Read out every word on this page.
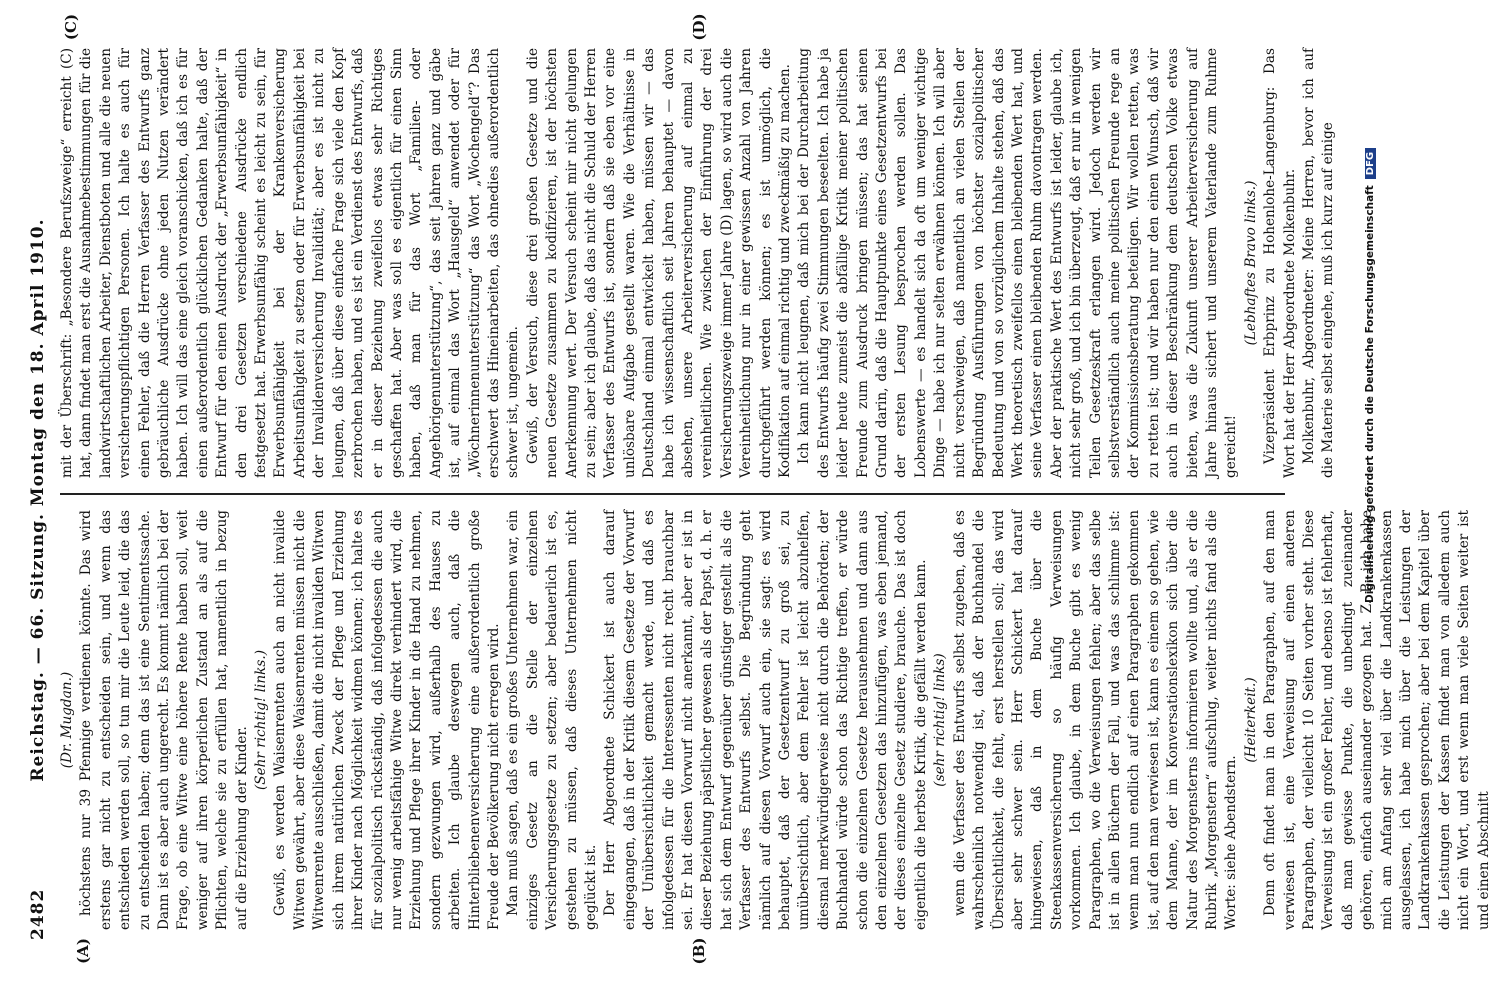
2482
Reichstag. — 66. Sitzung. Montag den 18. April 1910.
(A)	(B)
(C)	(D)

(Dr. Mugdan.) höchstens nur 39 Pfennige verdienen könnte. Das wird erstens gar nicht zu entscheiden sein, und wenn das entschieden werden soll, so tun mir die Leute leid, die das zu entscheiden haben; denn das ist eine Sentimentssache. Dann ist es aber auch ungerecht. Es kommt nämlich bei der Frage, ob eine Witwe eine höhere Rente haben soll, weit weniger auf ihren körperlichen Zustand an als auf die Pflichten, welche sie zu erfüllen hat, namentlich in bezug auf die Erziehung der Kinder.

(Sehr richtig! links.) Gewiß, es werden Waisenrenten auch an nicht invalide Witwen gewährt, aber diese Waisenrenten müssen nicht die Witwenrente ausschließen, damit die nicht invaliden Witwen sich ihrem natürlichen Zweck der Pflege und Erziehung ihrer Kinder nach Möglichkeit widmen können; ich halte es für sozialpolitisch rückständig, daß infolgedessen die auch nur wenig arbeitsfähige Witwe direkt verhindert wird, die Erziehung und Pflege ihrer Kinder in die Hand zu nehmen, sondern gezwungen wird, außerhalb des Hauses zu arbeiten. Ich glaube deswegen auch, daß die Hinterbliebenenversicherung eine außerordentlich große Freude der Bevölkerung nicht erregen wird. Man muß sagen, daß es ein großes Unternehmen war, ein einziges Gesetz an die Stelle der einzelnen Versicherungsgesetze zu setzen; aber bedauerlich ist es, gestehen zu müssen, daß dieses Unternehmen nicht geglückt ist. Der Herr Abgeordnete Schickert ist auch darauf eingegangen, daß in der Kritik diesem Gesetze der Vorwurf der Unübersichtlichkeit gemacht werde, und daß es infolgedessen für die Interessenten nicht recht brauchbar sei. Er hat diesen Vorwurf nicht anerkannt, aber er ist in dieser Beziehung päpstlicher gewesen als der Papst, d. h. er hat sich dem Entwurf gegenüber günstiger gestellt als die Verfasser des Entwurfs selbst. Die Begründung geht nämlich auf diesen Vorwurf auch ein, sie sagt: es wird behauptet, daß der Gesetzentwurf zu groß sei, zu umübersichtlich, aber dem Fehler ist leicht abzuhelfen, diesmal merkwürdigerweise nicht durch die Behörden; der Buchhandel würde schon das Richtige treffen, er würde schon die einzelnen Gesetze herausnehmen und dann aus den einzelnen Gesetzen das hinzufügen, was eben jemand, der dieses einzelne Gesetz studiere, brauche. Das ist doch eigentlich die herbste Kritik, die gefällt werden kann. (sehr richtig! links) wenn die Verfasser des Entwurfs selbst zugeben, daß es wahrscheinlich notwendig ist, daß der Buchhandel die Übersichtlichkeit, die fehlt, erst herstellen soll; das wird aber sehr schwer sein. Herr Schickert hat darauf hingewiesen, daß in dem Buche über die Steenkassenversicherung so häufig Verweisungen vorkommen. Ich glaube, in dem Buche gibt es wenig Paragraphen, wo die Verweisungen fehlen; aber das selbe ist in allen Büchern der Fall, und was das schlimme ist: wenn man nun endlich auf einen Paragraphen gekommen ist, auf den man verwiesen ist, kann es einem so gehen, wie dem Manne, der im Konversationslexikon sich über die Natur des Morgensterns informieren wollte und, als er die Rubrik „Morgenstern“ aufschlug, weiter nichts fand als die Worte: siehe Abendstern.

(Heiterkeit.) Denn oft findet man in den Paragraphen, auf den man verwiesen ist, eine Verweisung auf einen anderen Paragraphen, der vielleicht 10 Seiten vorher steht. Diese Verweisung ist ein großer Fehler, und ebenso ist fehlerhaft, daß man gewisse Punkte, die unbedingt zueinander gehören, einfach auseinander gezogen hat. Z. B. ich habe mich am Anfang sehr viel über die Landkrankenkassen ausgelassen, ich habe mich über die Leistungen der Landkrankenkassen gesprochen; aber bei dem Kapitel über die Leistungen der Kassen findet man von alledem auch nicht ein Wort, und erst wenn man viele Seiten weiter ist und einen Abschnitt

mit der Überschrift: „Besondere Berufszweige“ erreicht (C) hat, dann findet man erst die Ausnahmebestimmungen für die landwirtschaftlichen Arbeiter, Dienstboten und alle die neuen versicherungspflichtigen Personen. Ich halte es auch für einen Fehler, daß die Herren Verfasser des Entwurfs ganz gebräuchliche Ausdrücke ohne jeden Nutzen verändert haben. Ich will das eine gleich voranschicken, daß ich es für einen außerordentlich glücklichen Gedanken halte, daß der Entwurf für den einen Ausdruck der „Erwerbsunfähigkeit“ in den drei Gesetzen verschiedene Ausdrücke endlich festgesetzt hat. Erwerbsunfähig scheint es leicht zu sein, für Erwerbsunfähigkeit bei der Krankenversicherung Arbeitsunfähigkeit zu setzen oder für Erwerbsunfähigkeit bei der Invalidenversicherung Invalidität; aber es ist nicht zu leugnen, daß über diese einfache Frage sich viele den Kopf zerbrochen haben, und es ist ein Verdienst des Entwurfs, daß er in dieser Beziehung zweifellos etwas sehr Richtiges geschaffen hat. Aber was soll es eigentlich für einen Sinn haben, daß man für das Wort „Familien- oder Angehörigenunterstützung“, das seit Jahren ganz und gäbe ist, auf einmal das Wort „Hausgeld“ anwendet oder für „Wöchnerinnenunterstützung“ das Wort „Wochengeld“? Das erschwert das Hineinarbeiten, das ohnedies außerordentlich schwer ist, ungemein. Gewiß, der Versuch, diese drei großen Gesetze und die neuen Gesetze zusammen zu kodifizieren, ist der höchsten Anerkennung wert. Der Versuch scheint mir nicht gelungen zu sein; aber ich glaube, daß das nicht die Schuld der Herren Verfasser des Entwurfs ist, sondern daß sie eben vor eine unlösbare Aufgabe gestellt waren. Wie die Verhältnisse in Deutschland einmal entwickelt haben, müssen wir — das habe ich wissenschaftlich seit Jahren behauptet — davon absehen, unsere Arbeiterversicherung auf einmal zu vereinheitlichen. Wie zwischen der Einführung der drei Versicherungszweige immer Jahre (D) lagen, so wird auch die Vereinheitlichung nur in einer gewissen Anzahl von Jahren durchgeführt werden können; es ist unmöglich, die Kodifikation auf einmal richtig und zweckmäßig zu machen. Ich kann nicht leugnen, daß mich bei der Durcharbeitung des Entwurfs häufig zwei Stimmungen beseelten. Ich habe ja leider heute zumeist die abfällige Kritik meiner politischen Freunde zum Ausdruck bringen müssen; das hat seinen Grund darin, daß die Hauptpunkte eines Gesetzentwurfs bei der ersten Lesung besprochen werden sollen. Das Lobenswerte — es handelt sich da oft um weniger wichtige Dinge — habe ich nur selten erwähnen können. Ich will aber nicht verschweigen, daß namentlich an vielen Stellen der Begründung Ausführungen von höchster sozialpolitischer Bedeutung und von so vorzüglichem Inhalte stehen, daß das Werk theoretisch zweifellos einen bleibenden Wert hat, und seine Verfasser einen bleibenden Ruhm davontragen werden. Aber der praktische Wert des Entwurfs ist leider, glaube ich, nicht sehr groß, und ich bin überzeugt, daß er nur in wenigen Teilen Gesetzeskraft erlangen wird. Jedoch werden wir selbstverständlich auch meine politischen Freunde rege an der Kommissionsberatung beteiligen. Wir wollen retten, was zu retten ist; und wir haben nur den einen Wunsch, daß wir auch in dieser Beschränkung dem deutschen Volke etwas bieten, was die Zukunft unserer Arbeiterversicherung auf Jahre hinaus sichert und unserem Vaterlande zum Ruhme gereicht!

(Lebhaftes Bravo links.) Vizepräsident Erbprinz zu Hohenlohe-Langenburg: Das Wort hat der Herr Abgeordnete Molkenbuhr. Molkenbuhr, Abgeordneter: Meine Herren, bevor ich auf die Materie selbst eingehe, muß ich kurz auf einige	Digitalisierung gefördert durch die Deutsche ForschungsgemeinschaftDFG
